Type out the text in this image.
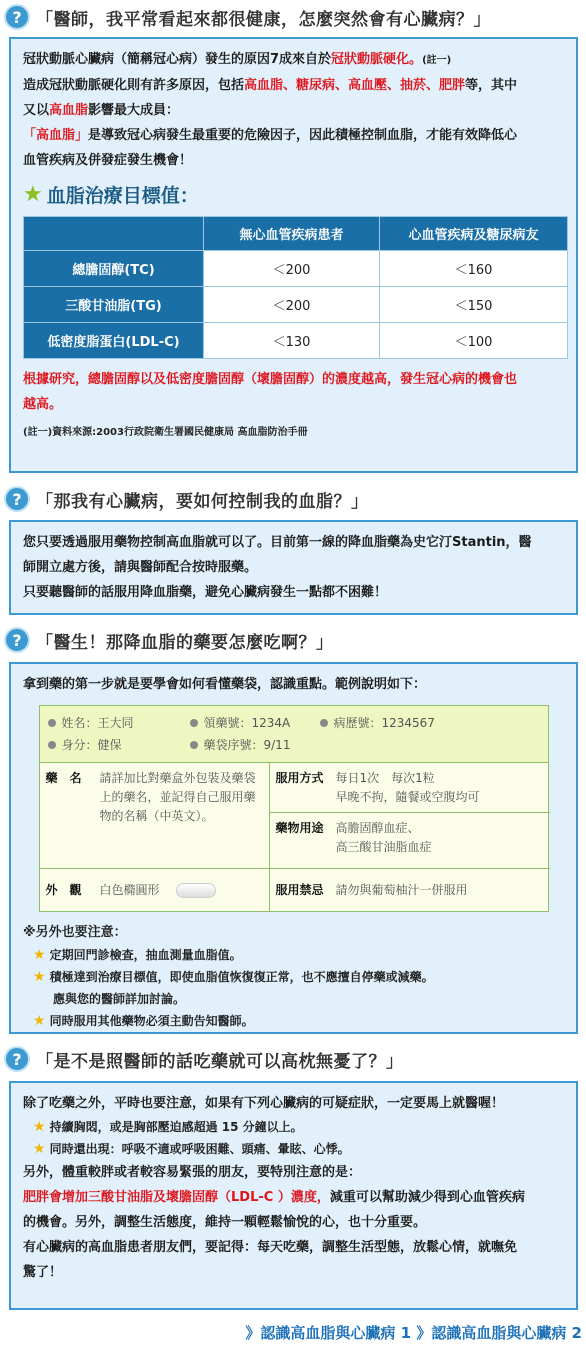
? 「醫師，我平常看起來都很健康，怎麼突然會有心臟病？」
冠狀動脈心臟病（簡稱冠心病）發生的原因7成來自於冠狀動脈硬化。(註一)
造成冠狀動脈硬化則有許多原因，包括高血脂、糖尿病、高血壓、抽菸、肥胖等，其中
又以高血脂影響最大成員：
「高血脂」是導致冠心病發生最重要的危險因子，因此積極控制血脂，才能有效降低心
血管疾病及併發症發生機會！
★ 血脂治療目標值：
	無心血管疾病患者	心血管疾病及糖尿病友
總膽固醇(TC)	＜200	＜160
三酸甘油脂(TG)	＜200	＜150
低密度脂蛋白(LDL-C)	＜130	＜100
根據研究，總膽固醇以及低密度膽固醇（壞膽固醇）的濃度越高，發生冠心病的機會也
越高。
(註一)資料來源:2003行政院衛生署國民健康局 高血脂防治手冊
? 「那我有心臟病，要如何控制我的血脂？」
您只要透過服用藥物控制高血脂就可以了。目前第一線的降血脂藥為史它汀Stantin，醫
師開立處方後，請與醫師配合按時服藥。
只要聽醫師的話服用降血脂藥，避免心臟病發生一點都不困難！
? 「醫生！那降血脂的藥要怎麼吃啊？」
拿到藥的第一步就是要學會如何看懂藥袋，認識重點。範例說明如下：
姓名：王大同	領藥號：1234A	病歷號：1234567
身分：健保	藥袋序號：9/11
藥　名	請詳加比對藥盒外包裝及藥袋上的藥名，並記得自己服用藥物的名稱（中英文）。
服用方式 每日1次　每次1粒
早晚不拘，隨餐或空腹均可
藥物用途 高膽固醇血症、
高三酸甘油脂血症
外　觀	白色橢圓形	服用禁忌 請勿與葡萄柚汁一併服用
※另外也要注意：
★ 定期回門診檢查，抽血測量血脂值。
★ 積極達到治療目標值，即使血脂值恢復復正常，也不應擅自停藥或減藥。
應與您的醫師詳加討論。
★ 同時服用其他藥物必須主動告知醫師。
? 「是不是照醫師的話吃藥就可以高枕無憂了？」
除了吃藥之外，平時也要注意，如果有下列心臟病的可疑症狀，一定要馬上就醫喔！
★ 持續胸悶，或是胸部壓迫感超過 15 分鐘以上。
★ 同時還出現：呼吸不適或呼吸困難、頭痛、暈眩、心悸。
另外，體重較胖或者較容易緊張的朋友，要特別注意的是：
肥胖會增加三酸甘油脂及壞膽固醇（LDL-C ）濃度，減重可以幫助減少得到心血管疾病
的機會。另外，調整生活態度，維持一顆輕鬆愉悅的心，也十分重要。
有心臟病的高血脂患者朋友們，要記得：每天吃藥，調整生活型態，放鬆心情，就嘸免
驚了！
》認識高血脂與心臟病 1 》認識高血脂與心臟病 2
